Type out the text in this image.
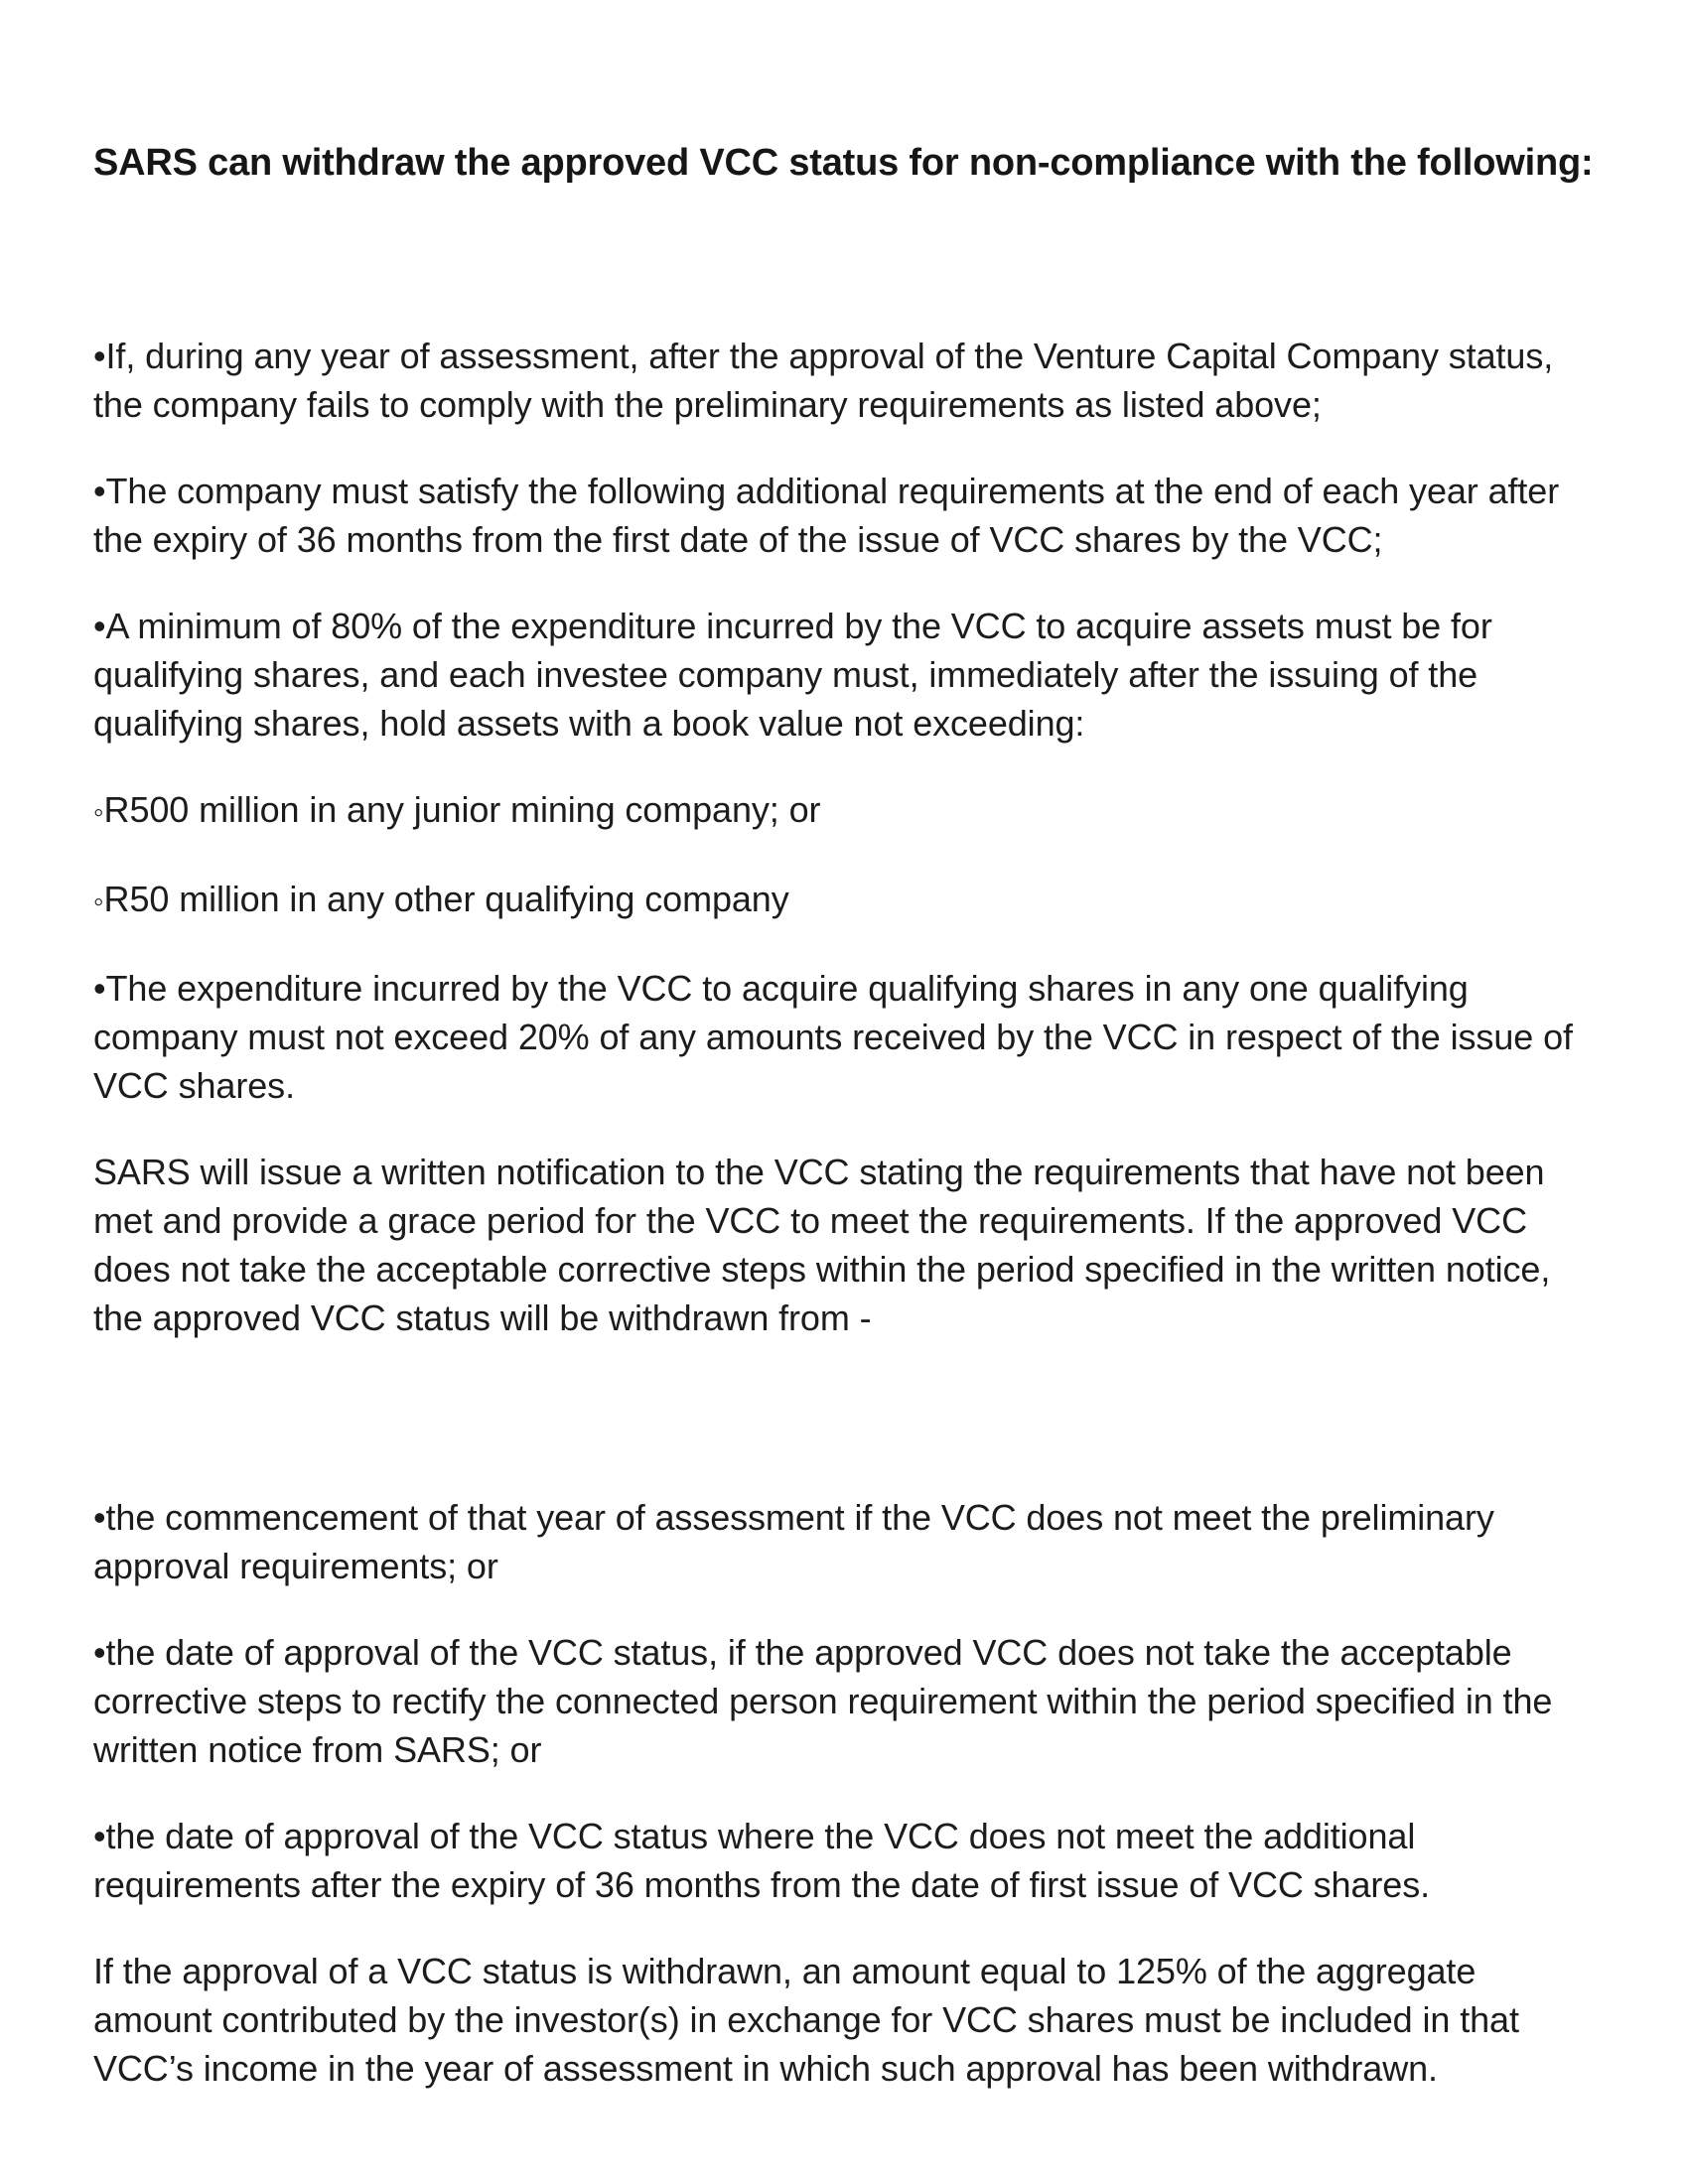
SARS can withdraw the approved VCC status for non-compliance with the following:

•If, during any year of assessment, after the approval of the Venture Capital Company status, the company fails to comply with the preliminary requirements as listed above;

•The company must satisfy the following additional requirements at the end of each year after the expiry of 36 months from the first date of the issue of VCC shares by the VCC;

•A minimum of 80% of the expenditure incurred by the VCC to acquire assets must be for qualifying shares, and each investee company must, immediately after the issuing of the qualifying shares, hold assets with a book value not exceeding:

◦R500 million in any junior mining company; or

◦R50 million in any other qualifying company

•The expenditure incurred by the VCC to acquire qualifying shares in any one qualifying company must not exceed 20% of any amounts received by the VCC in respect of the issue of VCC shares.

SARS will issue a written notification to the VCC stating the requirements that have not been met and provide a grace period for the VCC to meet the requirements. If the approved VCC does not take the acceptable corrective steps within the period specified in the written notice, the approved VCC status will be withdrawn from -

•the commencement of that year of assessment if the VCC does not meet the preliminary approval requirements; or

•the date of approval of the VCC status, if the approved VCC does not take the acceptable corrective steps to rectify the connected person requirement within the period specified in the written notice from SARS; or

•the date of approval of the VCC status where the VCC does not meet the additional requirements after the expiry of 36 months from the date of first issue of VCC shares.

If the approval of a VCC status is withdrawn, an amount equal to 125% of the aggregate amount contributed by the investor(s) in exchange for VCC shares must be included in that VCC’s income in the year of assessment in which such approval has been withdrawn.
